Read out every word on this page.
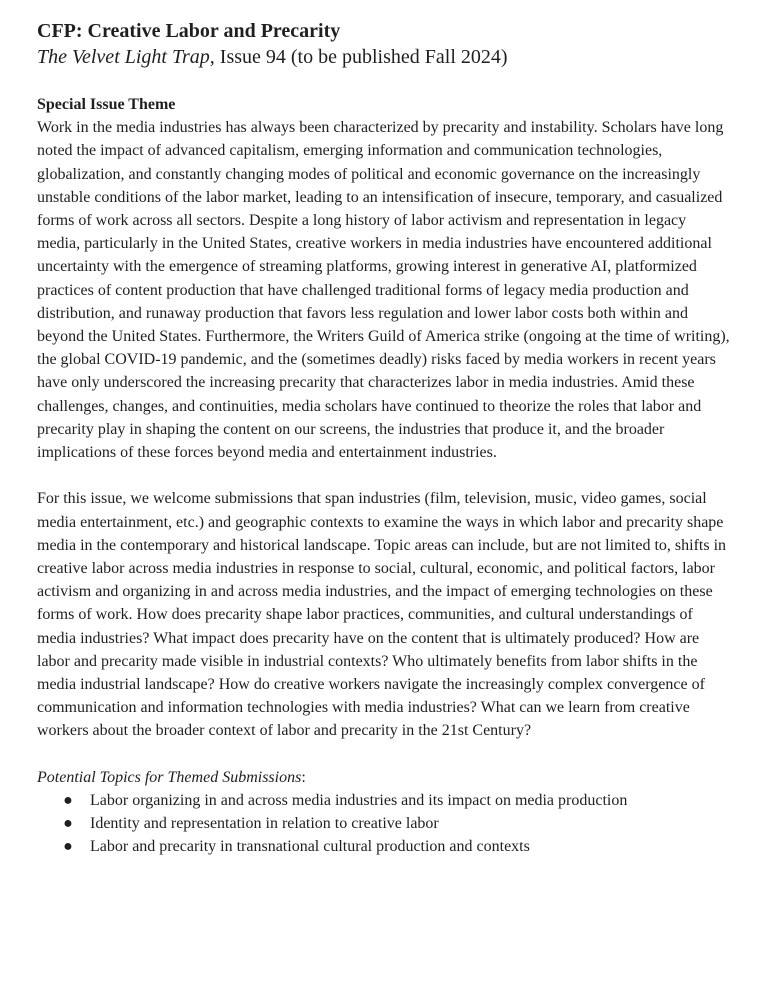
CFP: Creative Labor and Precarity

The Velvet Light Trap, Issue 94 (to be published Fall 2024)

Special Issue Theme

Work in the media industries has always been characterized by precarity and instability. Scholars have long noted the impact of advanced capitalism, emerging information and communication technologies, globalization, and constantly changing modes of political and economic governance on the increasingly unstable conditions of the labor market, leading to an intensification of insecure, temporary, and casualized forms of work across all sectors. Despite a long history of labor activism and representation in legacy media, particularly in the United States, creative workers in media industries have encountered additional uncertainty with the emergence of streaming platforms, growing interest in generative AI, platformized practices of content production that have challenged traditional forms of legacy media production and distribution, and runaway production that favors less regulation and lower labor costs both within and beyond the United States. Furthermore, the Writers Guild of America strike (ongoing at the time of writing), the global COVID-19 pandemic, and the (sometimes deadly) risks faced by media workers in recent years have only underscored the increasing precarity that characterizes labor in media industries. Amid these challenges, changes, and continuities, media scholars have continued to theorize the roles that labor and precarity play in shaping the content on our screens, the industries that produce it, and the broader implications of these forces beyond media and entertainment industries.

For this issue, we welcome submissions that span industries (film, television, music, video games, social media entertainment, etc.) and geographic contexts to examine the ways in which labor and precarity shape media in the contemporary and historical landscape. Topic areas can include, but are not limited to, shifts in creative labor across media industries in response to social, cultural, economic, and political factors, labor activism and organizing in and across media industries, and the impact of emerging technologies on these forms of work. How does precarity shape labor practices, communities, and cultural understandings of media industries? What impact does precarity have on the content that is ultimately produced? How are labor and precarity made visible in industrial contexts? Who ultimately benefits from labor shifts in the media industrial landscape? How do creative workers navigate the increasingly complex convergence of communication and information technologies with media industries? What can we learn from creative workers about the broader context of labor and precarity in the 21st Century?

Potential Topics for Themed Submissions:

● Labor organizing in and across media industries and its impact on media production
● Identity and representation in relation to creative labor
● Labor and precarity in transnational cultural production and contexts
